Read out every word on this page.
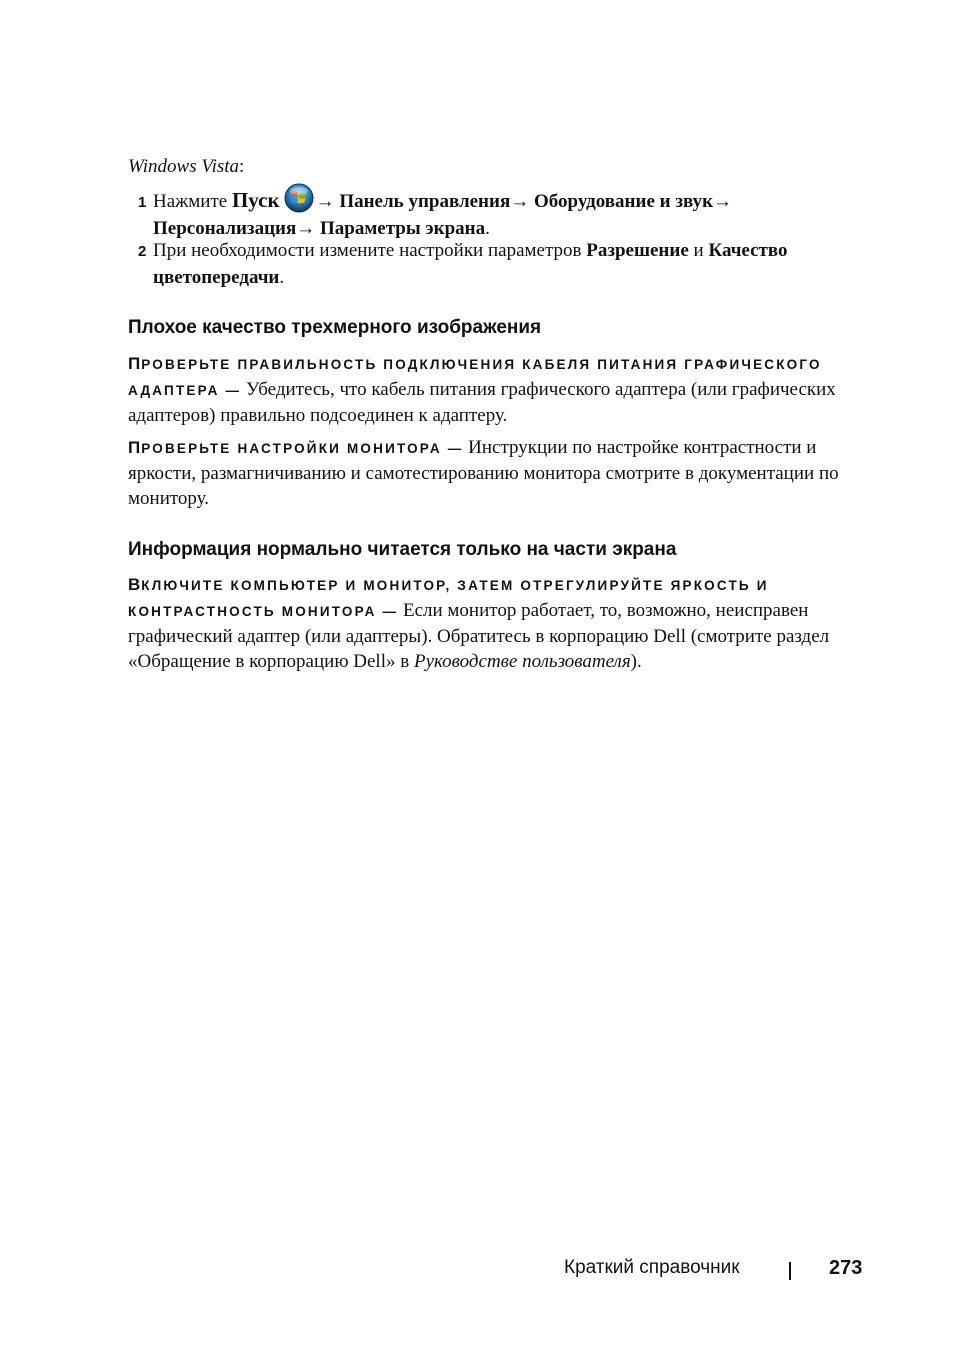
Windows Vista:
1 Нажмите Пуск → Панель управления→ Оборудование и звук→
Персонализация→ Параметры экрана.
2 При необходимости измените настройки параметров Разрешение и Качество цветопередачи.
Плохое качество трехмерного изображения
ПРОВЕРЬТЕ ПРАВИЛЬНОСТЬ ПОДКЛЮЧЕНИЯ КАБЕЛЯ ПИТАНИЯ ГРАФИЧЕСКОГО АДАПТЕРА — Убедитесь, что кабель питания графического адаптера (или графических адаптеров) правильно подсоединен к адаптеру.
ПРОВЕРЬТЕ НАСТРОЙКИ МОНИТОРА — Инструкции по настройке контрастности и яркости, размагничиванию и самотестированию монитора смотрите в документации по монитору.
Информация нормально читается только на части экрана
ВКЛЮЧИТЕ КОМПЬЮТЕР И МОНИТОР, ЗАТЕМ ОТРЕГУЛИРУЙТЕ ЯРКОСТЬ И КОНТРАСТНОСТЬ МОНИТОРА — Если монитор работает, то, возможно, неисправен графический адаптер (или адаптеры). Обратитесь в корпорацию Dell (смотрите раздел «Обращение в корпорацию Dell» в Руководстве пользователя).
Краткий справочник	273
